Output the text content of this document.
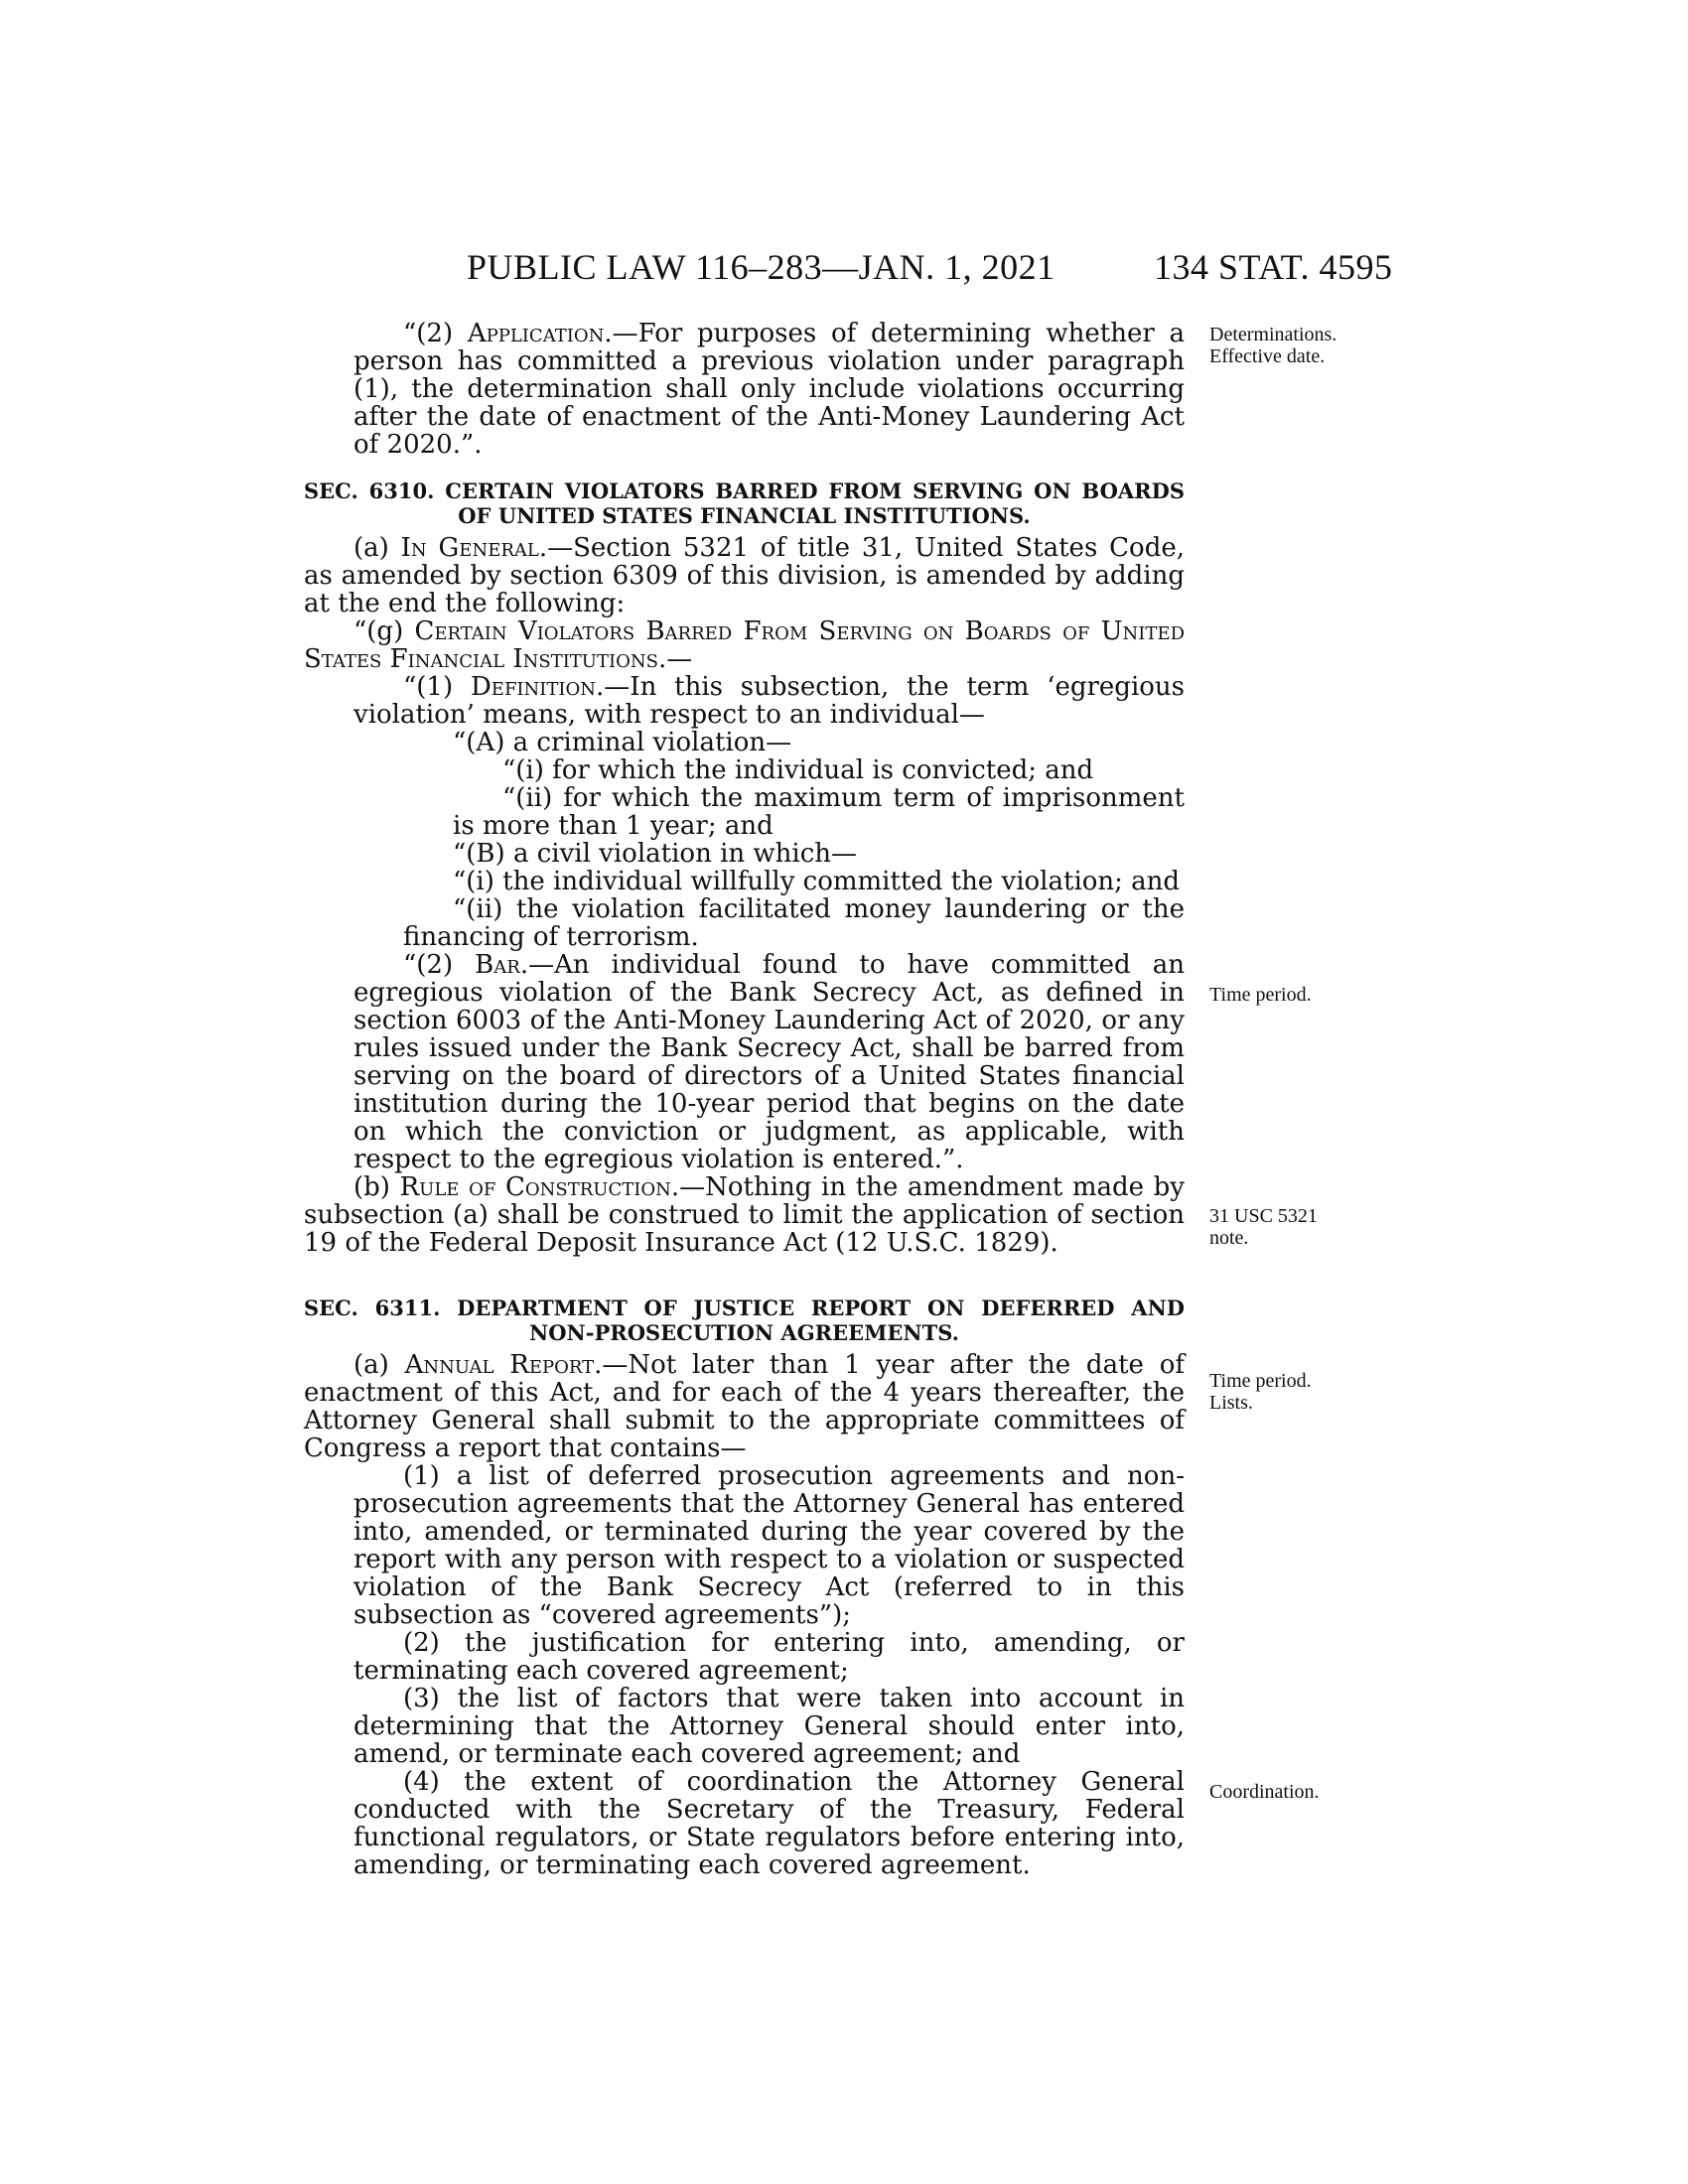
PUBLIC LAW 116–283—JAN. 1, 2021	134 STAT. 4595

“(2) Application.—For purposes of determining whether a person has committed a previous violation under paragraph (1), the determination shall only include violations occurring after the date of enactment of the Anti-Money Laundering Act of 2020.”.

SEC. 6310. CERTAIN VIOLATORS BARRED FROM SERVING ON BOARDS
OF UNITED STATES FINANCIAL INSTITUTIONS.

(a) In General.—Section 5321 of title 31, United States Code, as amended by section 6309 of this division, is amended by adding at the end the following:

“(g) Certain Violators Barred From Serving on Boards of United States Financial Institutions.—

“(1) Definition.—In this subsection, the term ‘egregious violation’ means, with respect to an individual—

“(A) a criminal violation—

“(i) for which the individual is convicted; and

“(ii) for which the maximum term of imprisonment is more than 1 year; and

“(B) a civil violation in which—

“(i) the individual willfully committed the violation; and

“(ii) the violation facilitated money laundering or the financing of terrorism.

“(2) Bar.—An individual found to have committed an egregious violation of the Bank Secrecy Act, as defined in section 6003 of the Anti-Money Laundering Act of 2020, or any rules issued under the Bank Secrecy Act, shall be barred from serving on the board of directors of a United States financial institution during the 10-year period that begins on the date on which the conviction or judgment, as applicable, with respect to the egregious violation is entered.”.

(b) Rule of Construction.—Nothing in the amendment made by subsection (a) shall be construed to limit the application of section 19 of the Federal Deposit Insurance Act (12 U.S.C. 1829).

SEC. 6311. DEPARTMENT OF JUSTICE REPORT ON DEFERRED AND
NON-PROSECUTION AGREEMENTS.

(a) Annual Report.—Not later than 1 year after the date of enactment of this Act, and for each of the 4 years thereafter, the Attorney General shall submit to the appropriate committees of Congress a report that contains—

(1) a list of deferred prosecution agreements and non-prosecution agreements that the Attorney General has entered into, amended, or terminated during the year covered by the report with any person with respect to a violation or suspected violation of the Bank Secrecy Act (referred to in this subsection as “covered agreements”);

(2) the justification for entering into, amending, or terminating each covered agreement;

(3) the list of factors that were taken into account in determining that the Attorney General should enter into, amend, or terminate each covered agreement; and

(4) the extent of coordination the Attorney General conducted with the Secretary of the Treasury, Federal functional regulators, or State regulators before entering into, amending, or terminating each covered agreement.

Determinations.
Effective date.
Time period.
31 USC 5321
note.
Time period.
Lists.
Coordination.
